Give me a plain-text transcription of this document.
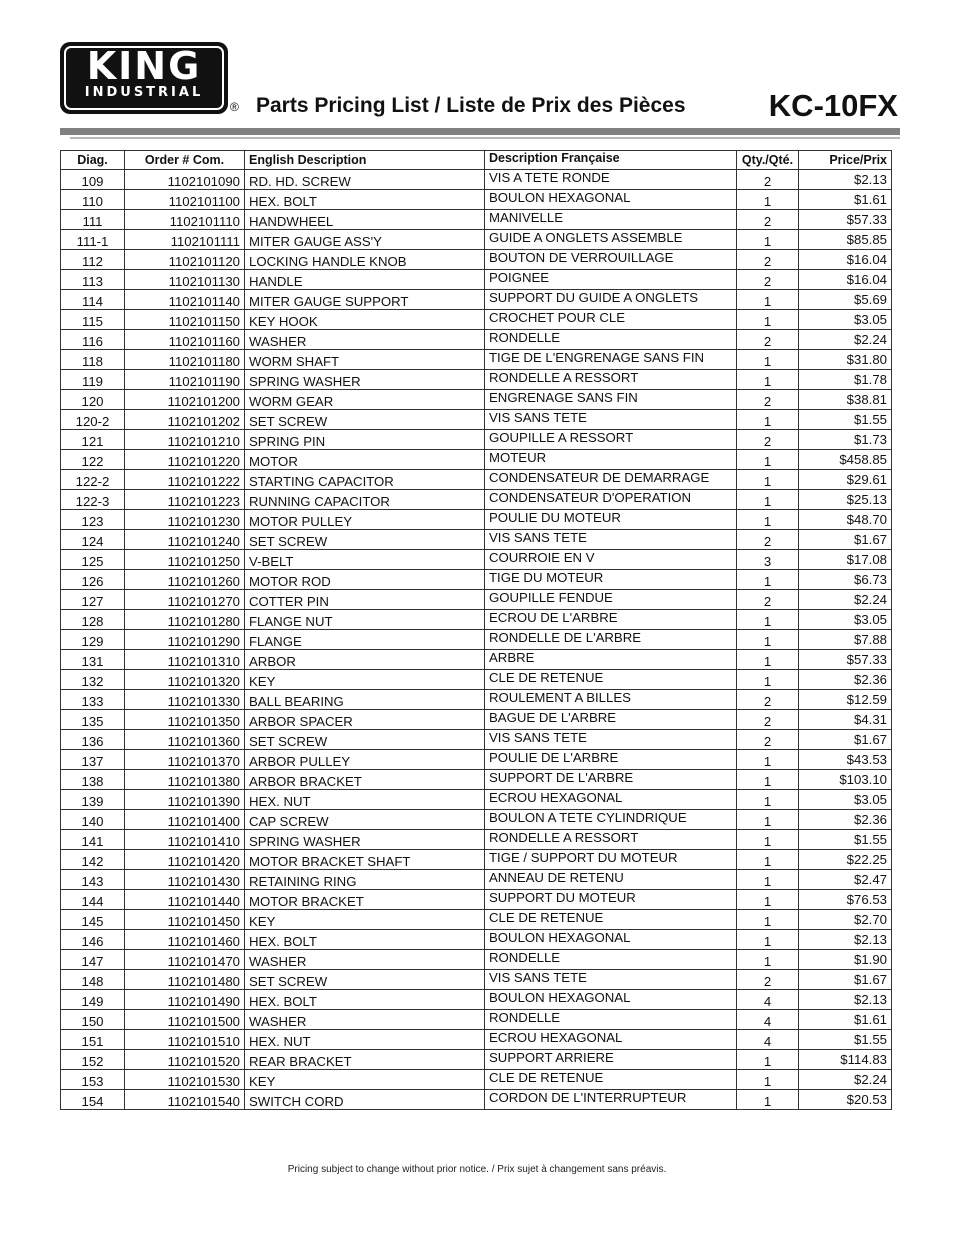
KING
INDUSTRIAL
® Parts Pricing List / Liste de Prix des Pièces	KC-10FX
Diag.	Order # Com.	English Description	Description Française	Qty./Qté.	Price/Prix
109	1102101090	RD. HD. SCREW	VIS A TETE RONDE	2	$2.13
110	1102101100	HEX. BOLT	BOULON HEXAGONAL	1	$1.61
111	1102101110	HANDWHEEL	MANIVELLE	2	$57.33
111-1	1102101111	MITER GAUGE ASS'Y	GUIDE A ONGLETS ASSEMBLE	1	$85.85
112	1102101120	LOCKING HANDLE KNOB	BOUTON DE VERROUILLAGE	2	$16.04
113	1102101130	HANDLE	POIGNEE	2	$16.04
114	1102101140	MITER GAUGE SUPPORT	SUPPORT DU GUIDE A ONGLETS	1	$5.69
115	1102101150	KEY HOOK	CROCHET POUR CLE	1	$3.05
116	1102101160	WASHER	RONDELLE	2	$2.24
118	1102101180	WORM SHAFT	TIGE DE L'ENGRENAGE SANS FIN	1	$31.80
119	1102101190	SPRING WASHER	RONDELLE A RESSORT	1	$1.78
120	1102101200	WORM GEAR	ENGRENAGE SANS FIN	2	$38.81
120-2	1102101202	SET SCREW	VIS SANS TETE	1	$1.55
121	1102101210	SPRING PIN	GOUPILLE A RESSORT	2	$1.73
122	1102101220	MOTOR	MOTEUR	1	$458.85
122-2	1102101222	STARTING CAPACITOR	CONDENSATEUR DE DEMARRAGE	1	$29.61
122-3	1102101223	RUNNING CAPACITOR	CONDENSATEUR D'OPERATION	1	$25.13
123	1102101230	MOTOR PULLEY	POULIE DU MOTEUR	1	$48.70
124	1102101240	SET SCREW	VIS SANS TETE	2	$1.67
125	1102101250	V-BELT	COURROIE EN V	3	$17.08
126	1102101260	MOTOR ROD	TIGE DU MOTEUR	1	$6.73
127	1102101270	COTTER PIN	GOUPILLE FENDUE	2	$2.24
128	1102101280	FLANGE NUT	ECROU DE L'ARBRE	1	$3.05
129	1102101290	FLANGE	RONDELLE DE L'ARBRE	1	$7.88
131	1102101310	ARBOR	ARBRE	1	$57.33
132	1102101320	KEY	CLE DE RETENUE	1	$2.36
133	1102101330	BALL BEARING	ROULEMENT A BILLES	2	$12.59
135	1102101350	ARBOR SPACER	BAGUE DE L'ARBRE	2	$4.31
136	1102101360	SET SCREW	VIS SANS TETE	2	$1.67
137	1102101370	ARBOR PULLEY	POULIE DE L'ARBRE	1	$43.53
138	1102101380	ARBOR BRACKET	SUPPORT DE L'ARBRE	1	$103.10
139	1102101390	HEX. NUT	ECROU HEXAGONAL	1	$3.05
140	1102101400	CAP SCREW	BOULON A TETE CYLINDRIQUE	1	$2.36
141	1102101410	SPRING WASHER	RONDELLE A RESSORT	1	$1.55
142	1102101420	MOTOR BRACKET SHAFT	TIGE / SUPPORT DU MOTEUR	1	$22.25
143	1102101430	RETAINING RING	ANNEAU DE RETENU	1	$2.47
144	1102101440	MOTOR BRACKET	SUPPORT DU MOTEUR	1	$76.53
145	1102101450	KEY	CLE DE RETENUE	1	$2.70
146	1102101460	HEX. BOLT	BOULON HEXAGONAL	1	$2.13
147	1102101470	WASHER	RONDELLE	1	$1.90
148	1102101480	SET SCREW	VIS SANS TETE	2	$1.67
149	1102101490	HEX. BOLT	BOULON HEXAGONAL	4	$2.13
150	1102101500	WASHER	RONDELLE	4	$1.61
151	1102101510	HEX. NUT	ECROU HEXAGONAL	4	$1.55
152	1102101520	REAR BRACKET	SUPPORT ARRIERE	1	$114.83
153	1102101530	KEY	CLE DE RETENUE	1	$2.24
154	1102101540	SWITCH CORD	CORDON DE L'INTERRUPTEUR	1	$20.53
Pricing subject to change without prior notice. / Prix sujet à changement sans préavis.
